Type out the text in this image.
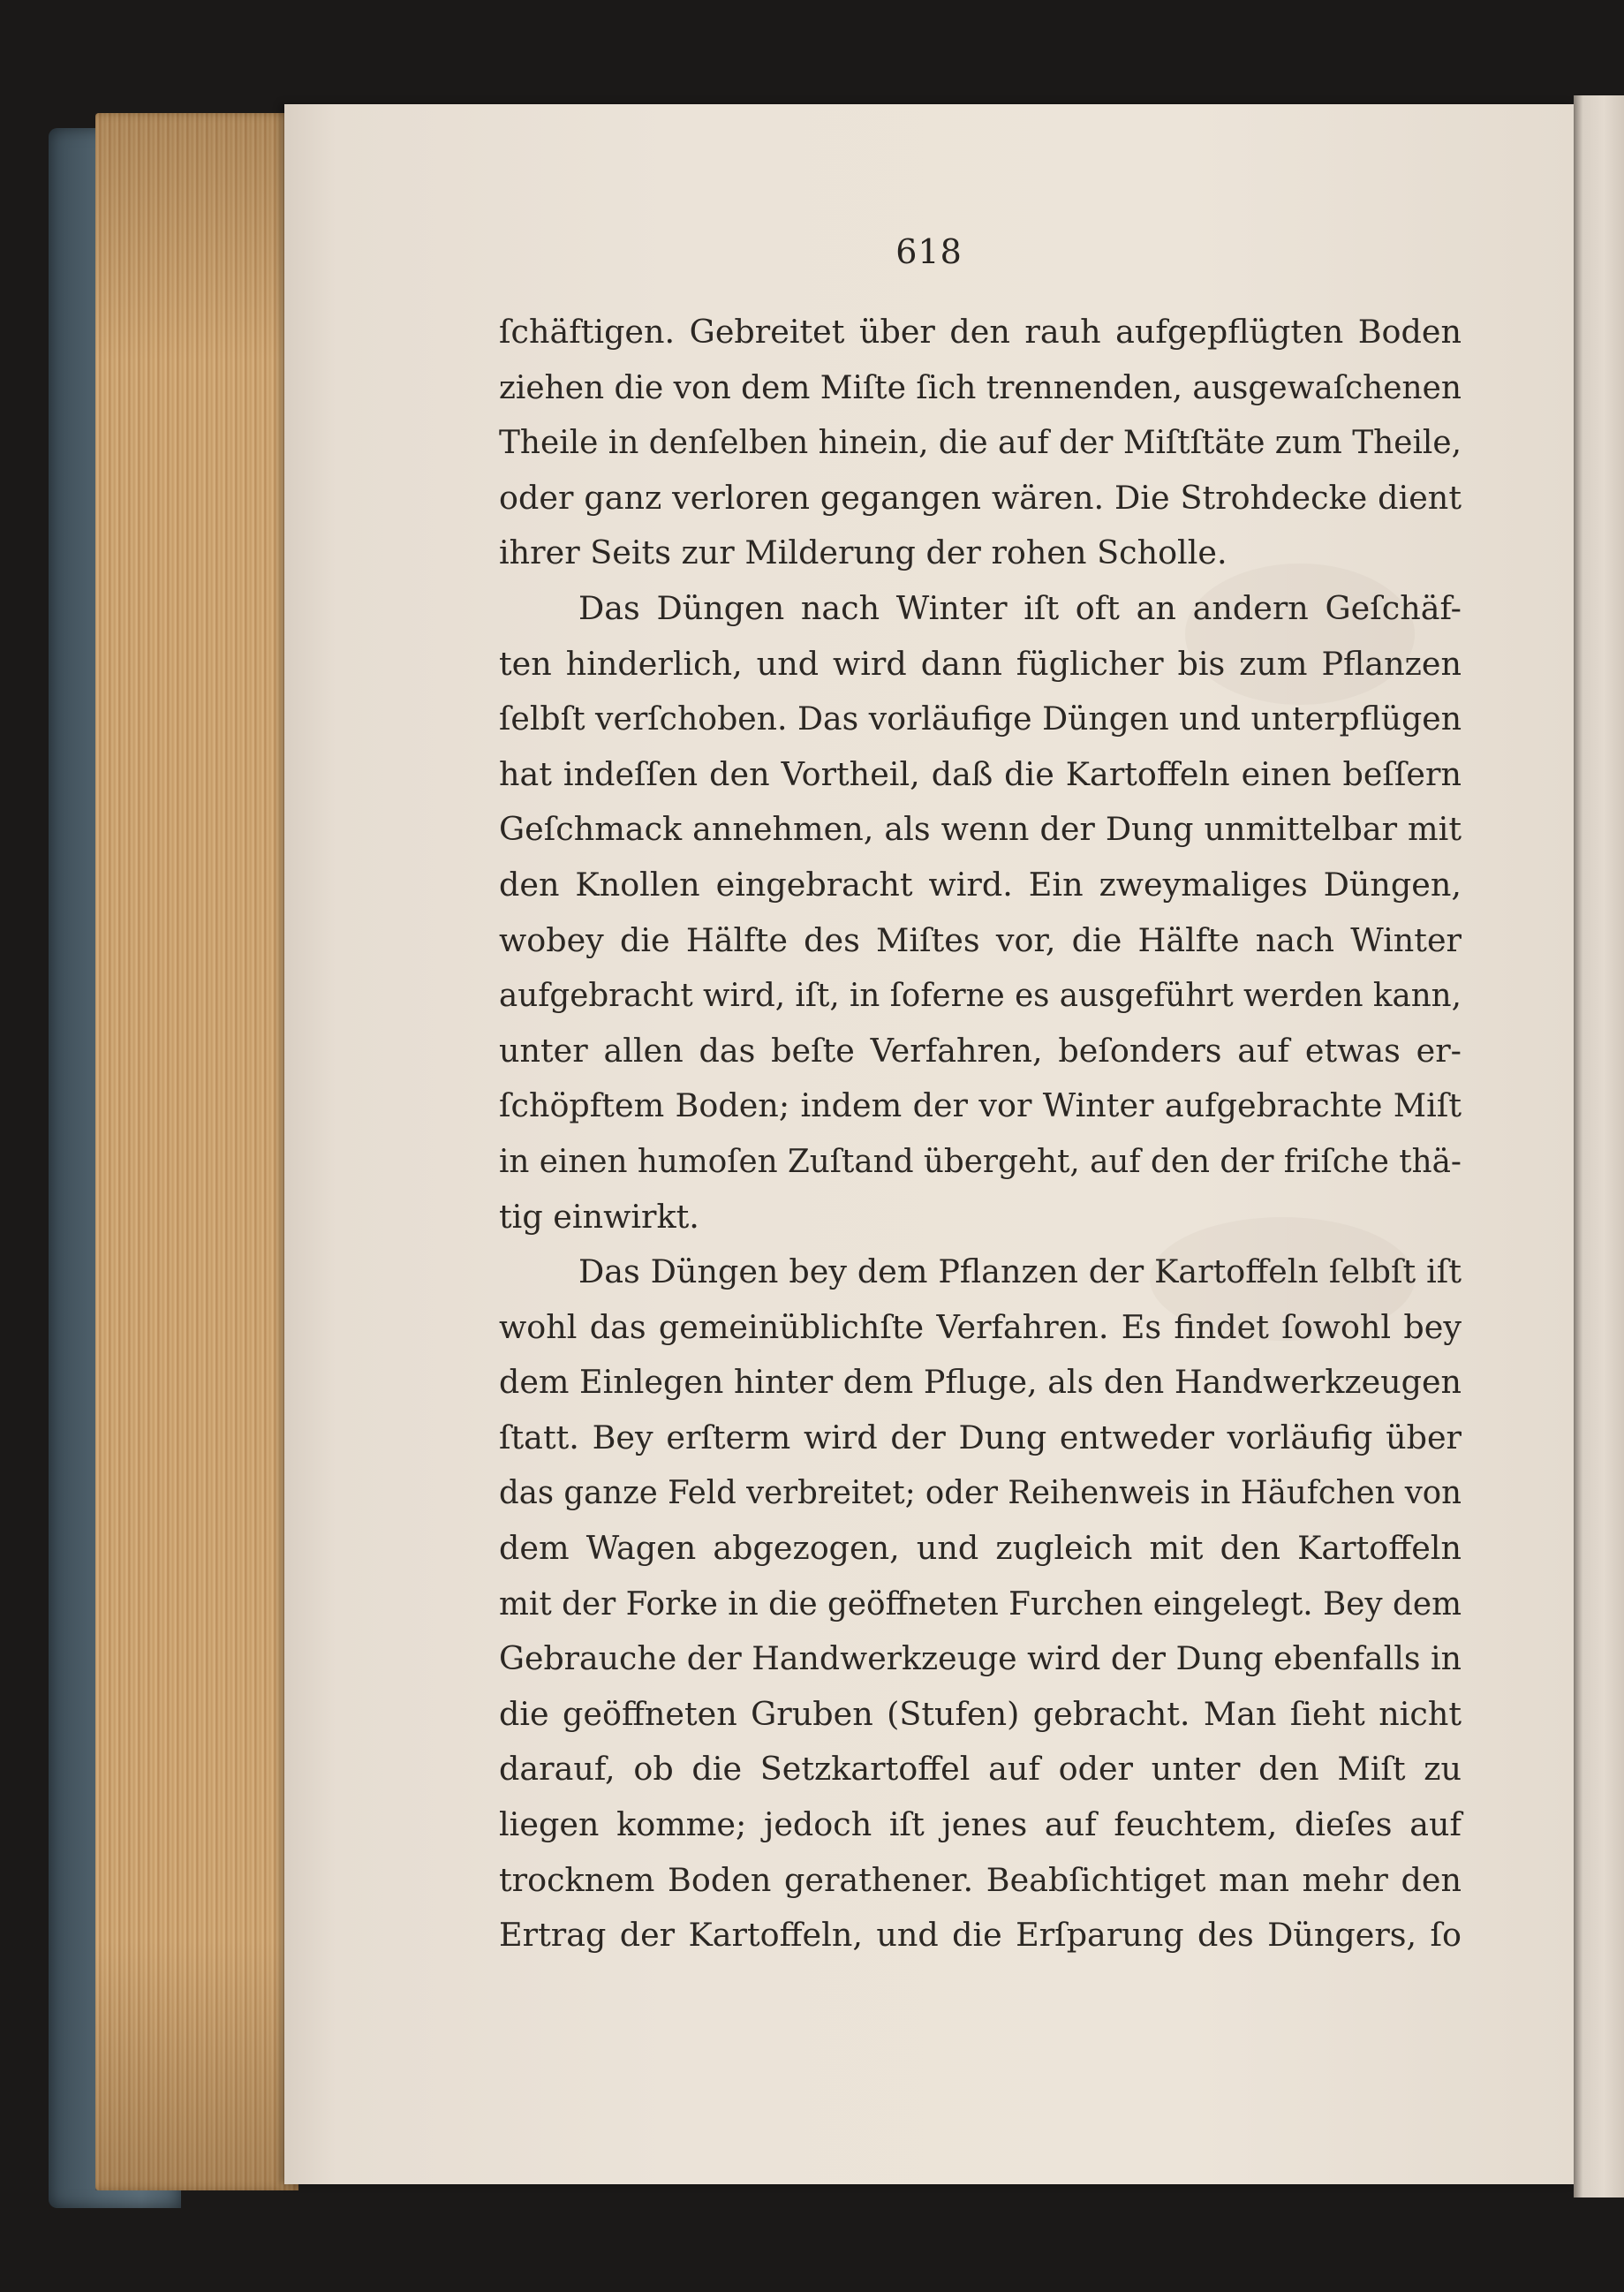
618
ſchäftigen. Gebreitet über den rauh aufgepflügten Boden
ziehen die von dem Miſte ſich trennenden, ausgewaſchenen
Theile in denſelben hinein, die auf der Miſtſtäte zum Theile,
oder ganz verloren gegangen wären. Die Strohdecke dient
ihrer Seits zur Milderung der rohen Scholle.
Das Düngen nach Winter iſt oft an andern Geſchäf-
ten hinderlich, und wird dann füglicher bis zum Pflanzen
ſelbſt verſchoben. Das vorläufige Düngen und unterpflügen
hat indeſſen den Vortheil, daß die Kartoffeln einen beſſern
Geſchmack annehmen, als wenn der Dung unmittelbar mit
den Knollen eingebracht wird. Ein zweymaliges Düngen,
wobey die Hälfte des Miſtes vor, die Hälfte nach Winter
aufgebracht wird, iſt, in ſoferne es ausgeführt werden kann,
unter allen das beſte Verfahren, beſonders auf etwas er-
ſchöpftem Boden; indem der vor Winter aufgebrachte Miſt
in einen humoſen Zuſtand übergeht, auf den der friſche thä-
tig einwirkt.
Das Düngen bey dem Pflanzen der Kartoffeln ſelbſt iſt
wohl das gemeinüblichſte Verfahren. Es findet ſowohl bey
dem Einlegen hinter dem Pfluge, als den Handwerkzeugen
ſtatt. Bey erſterm wird der Dung entweder vorläufig über
das ganze Feld verbreitet; oder Reihenweis in Häufchen von
dem Wagen abgezogen, und zugleich mit den Kartoffeln
mit der Forke in die geöffneten Furchen eingelegt. Bey dem
Gebrauche der Handwerkzeuge wird der Dung ebenfalls in
die geöffneten Gruben (Stufen) gebracht. Man ſieht nicht
darauf, ob die Setzkartoffel auf oder unter den Miſt zu
liegen komme; jedoch iſt jenes auf feuchtem, dieſes auf
trocknem Boden gerathener. Beabſichtiget man mehr den
Ertrag der Kartoffeln, und die Erſparung des Düngers, ſo
